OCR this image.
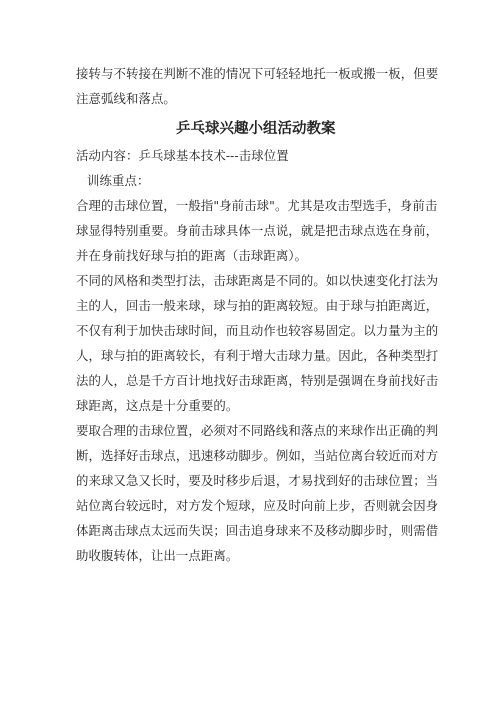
接转与不转接在判断不准的情况下可轻轻地托一板或搬一板，但要
注意弧线和落点。
乒乓球兴趣小组活动教案
活动内容：乒乓球基本技术---击球位置
训练重点：
合理的击球位置，一般指"身前击球"。尤其是攻击型选手，身前击
球显得特别重要。身前击球具体一点说，就是把击球点选在身前，
并在身前找好球与拍的距离（击球距离）。
不同的风格和类型打法，击球距离是不同的。如以快速变化打法为
主的人，回击一般来球，球与拍的距离较短。由于球与拍距离近，
不仅有利于加快击球时间，而且动作也较容易固定。以力量为主的
人，球与拍的距离较长，有利于增大击球力量。因此，各种类型打
法的人，总是千方百计地找好击球距离，特别是强调在身前找好击
球距离，这点是十分重要的。
要取合理的击球位置，必须对不同路线和落点的来球作出正确的判
断，选择好击球点，迅速移动脚步。例如，当站位离台较近而对方
的来球又急又长时，要及时移步后退，才易找到好的击球位置；当
站位离台较远时，对方发个短球，应及时向前上步，否则就会因身
体距离击球点太远而失误；回击追身球来不及移动脚步时，则需借
助收腹转体，让出一点距离。
